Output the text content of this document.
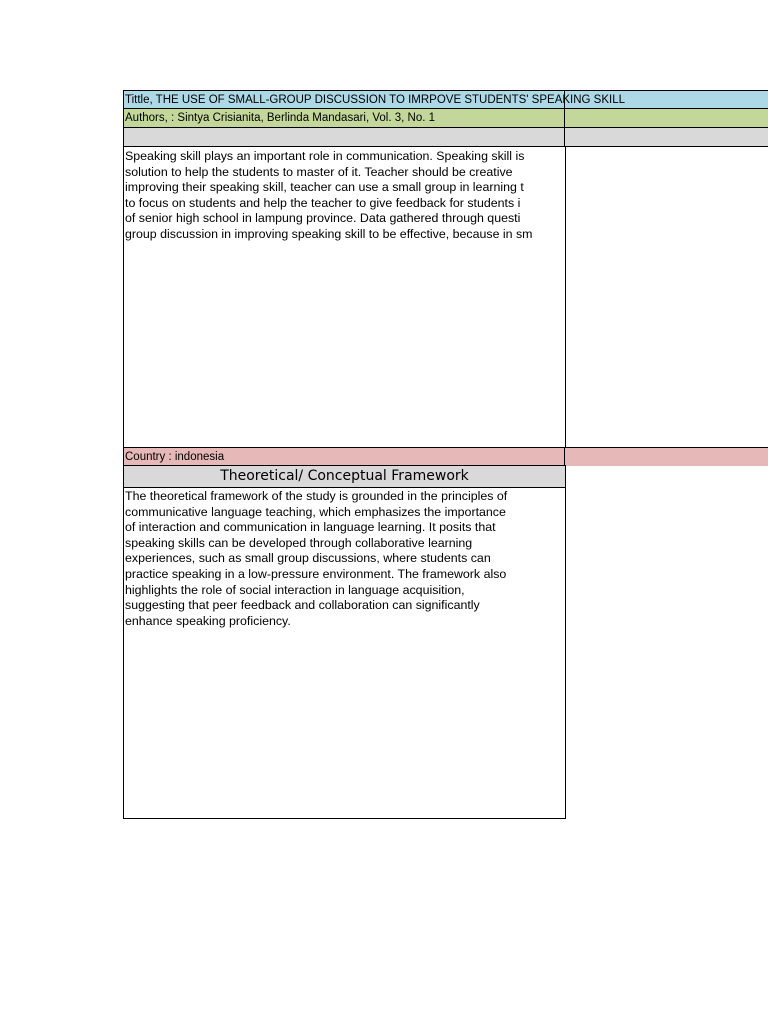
Tittle, THE USE OF SMALL-GROUP DISCUSSION TO IMRPOVE STUDENTS' SPEAKING SKILL
Authors, : Sintya Crisianita, Berlinda Mandasari, Vol. 3, No. 1
Speaking skill plays an important role in communication. Speaking skill is
solution to help the students to master of it. Teacher should be creative
improving their speaking skill, teacher can use a small group in learning t
to focus on students and help the teacher to give feedback for students i
of senior high school in lampung province. Data gathered through questi
group discussion in improving speaking skill to be effective, because in sm
Country : indonesia
Theoretical/ Conceptual Framework
The theoretical framework of the study is grounded in the principles of
communicative language teaching, which emphasizes the importance
of interaction and communication in language learning. It posits that
speaking skills can be developed through collaborative learning
experiences, such as small group discussions, where students can
practice speaking in a low-pressure environment. The framework also
highlights the role of social interaction in language acquisition,
suggesting that peer feedback and collaboration can significantly
enhance speaking proficiency.
